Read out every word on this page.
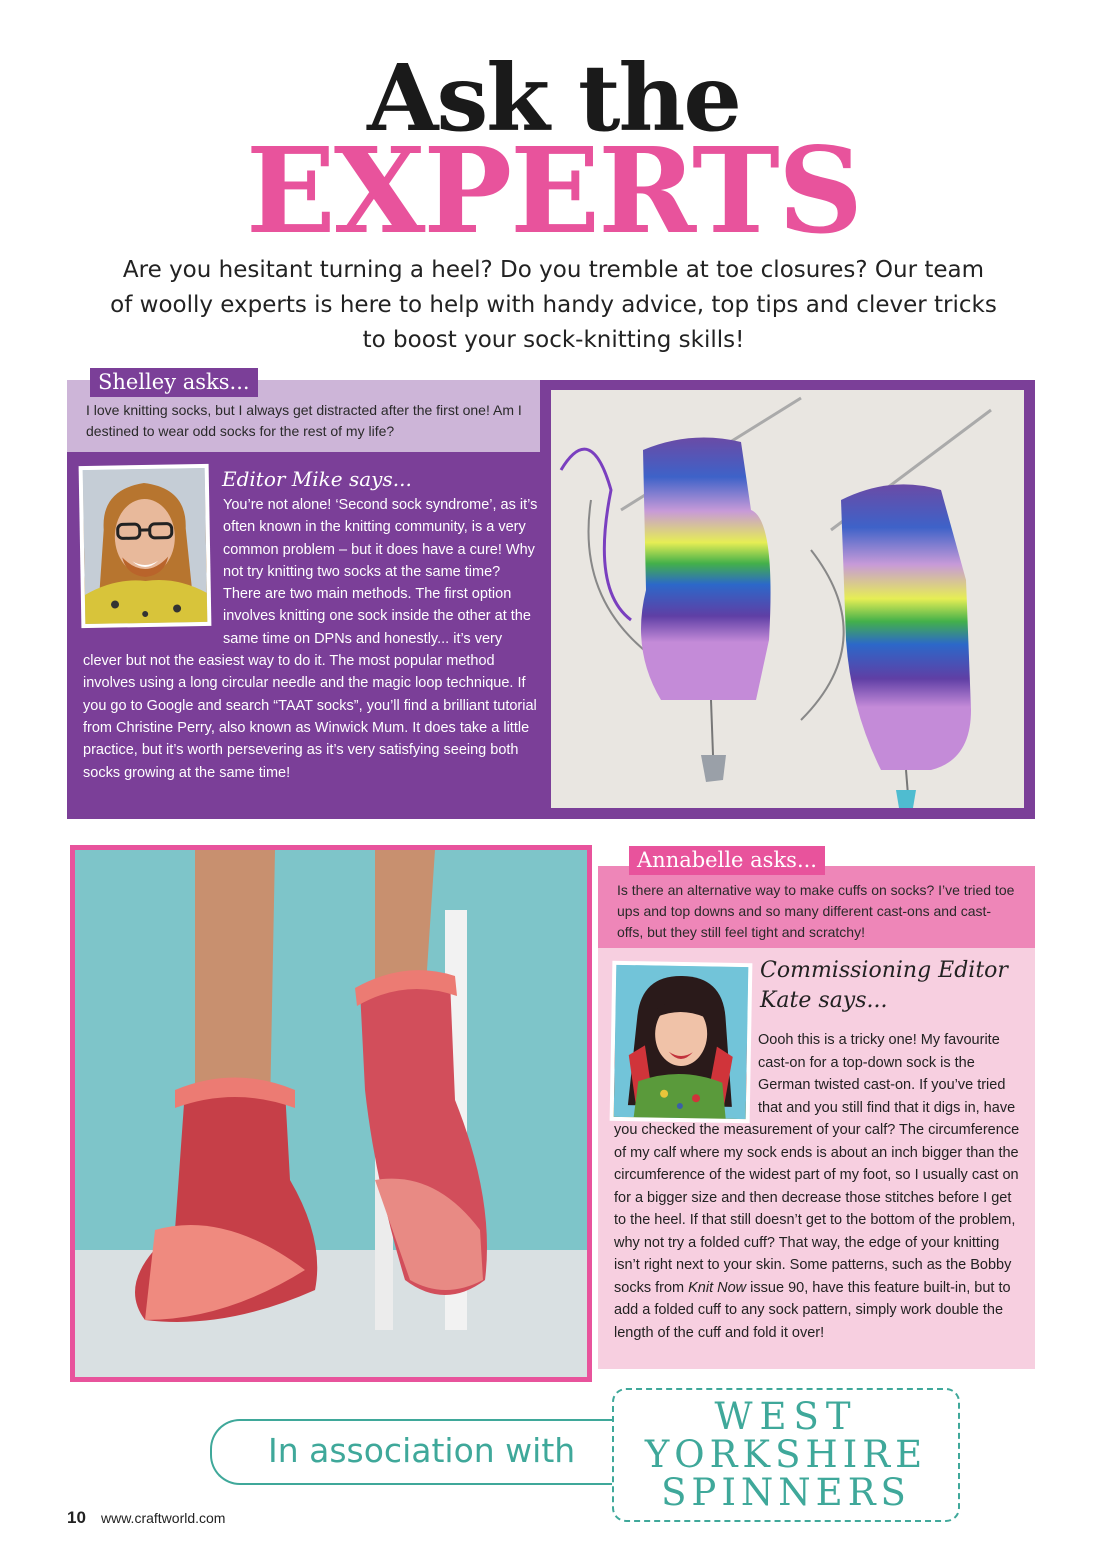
Ask the
EXPERTS
Are you hesitant turning a heel? Do you tremble at toe closures? Our team of woolly experts is here to help with handy advice, top tips and clever tricks to boost your sock-knitting skills!
Shelley asks...
I love knitting socks, but I always get distracted after the first one! Am I destined to wear odd socks for the rest of my life?
Editor Mike says...
You’re not alone! ‘Second sock syndrome’, as it’s often known in the knitting community, is a very common problem – but it does have a cure! Why not try knitting two socks at the same time? There are two main methods. The first option involves knitting one sock inside the other at the same time on DPNs and honestly... it’s very clever but not the easiest way to do it. The most popular method involves using a long circular needle and the magic loop technique. If you go to Google and search “TAAT socks”, you’ll find a brilliant tutorial from Christine Perry, also known as Winwick Mum. It does take a little practice, but it’s worth persevering as it’s very satisfying seeing both socks growing at the same time!
Annabelle asks...
Is there an alternative way to make cuffs on socks? I’ve tried toe ups and top downs and so many different cast-ons and cast-offs, but they still feel tight and scratchy!
Commissioning Editor Kate says...
Oooh this is a tricky one! My favourite cast-on for a top-down sock is the German twisted cast-on. If you’ve tried that and you still find that it digs in, have you checked the measurement of your calf? The circumference of my calf where my sock ends is about an inch bigger than the circumference of the widest part of my foot, so I usually cast on for a bigger size and then decrease those stitches before I get to the heel. If that still doesn’t get to the bottom of the problem, why not try a folded cuff? That way, the edge of your knitting isn’t right next to your skin. Some patterns, such as the Bobby socks from Knit Now issue 90, have this feature built-in, but to add a folded cuff to any sock pattern, simply work double the length of the cuff and fold it over!
In association with
WEST
YORKSHIRE
SPINNERS
10 www.craftworld.com
